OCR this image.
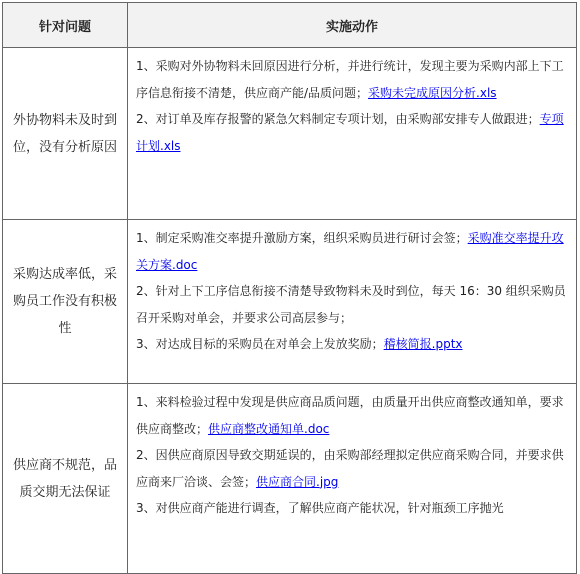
针对问题	实施动作
外协物料未及时到位，没有分析原因	1、采购对外协物料未回原因进行分析，并进行统计，发现主要为采购内部上下工序信息衔接不清楚，供应商产能/品质问题；采购未完成原因分析.xls

2、对订单及库存报警的紧急欠料制定专项计划，由采购部安排专人做跟进；专项计划.xls

采购达成率低，采购员工作没有积极性	1、制定采购准交率提升激励方案，组织采购员进行研讨会签；采购准交率提升攻关方案.doc

2、针对上下工序信息衔接不清楚导致物料未及时到位，每天 16：30 组织采购员召开采购对单会，并要求公司高层参与；

3、对达成目标的采购员在对单会上发放奖励；稽核简报.pptx

供应商不规范，品质交期无法保证	1、来料检验过程中发现是供应商品质问题，由质量开出供应商整改通知单，要求供应商整改；供应商整改通知单.doc

2、因供应商原因导致交期延误的，由采购部经理拟定供应商采购合同，并要求供应商来厂洽谈、会签；供应商合同.jpg

3、对供应商产能进行调查，了解供应商产能状况，针对瓶颈工序抛光
